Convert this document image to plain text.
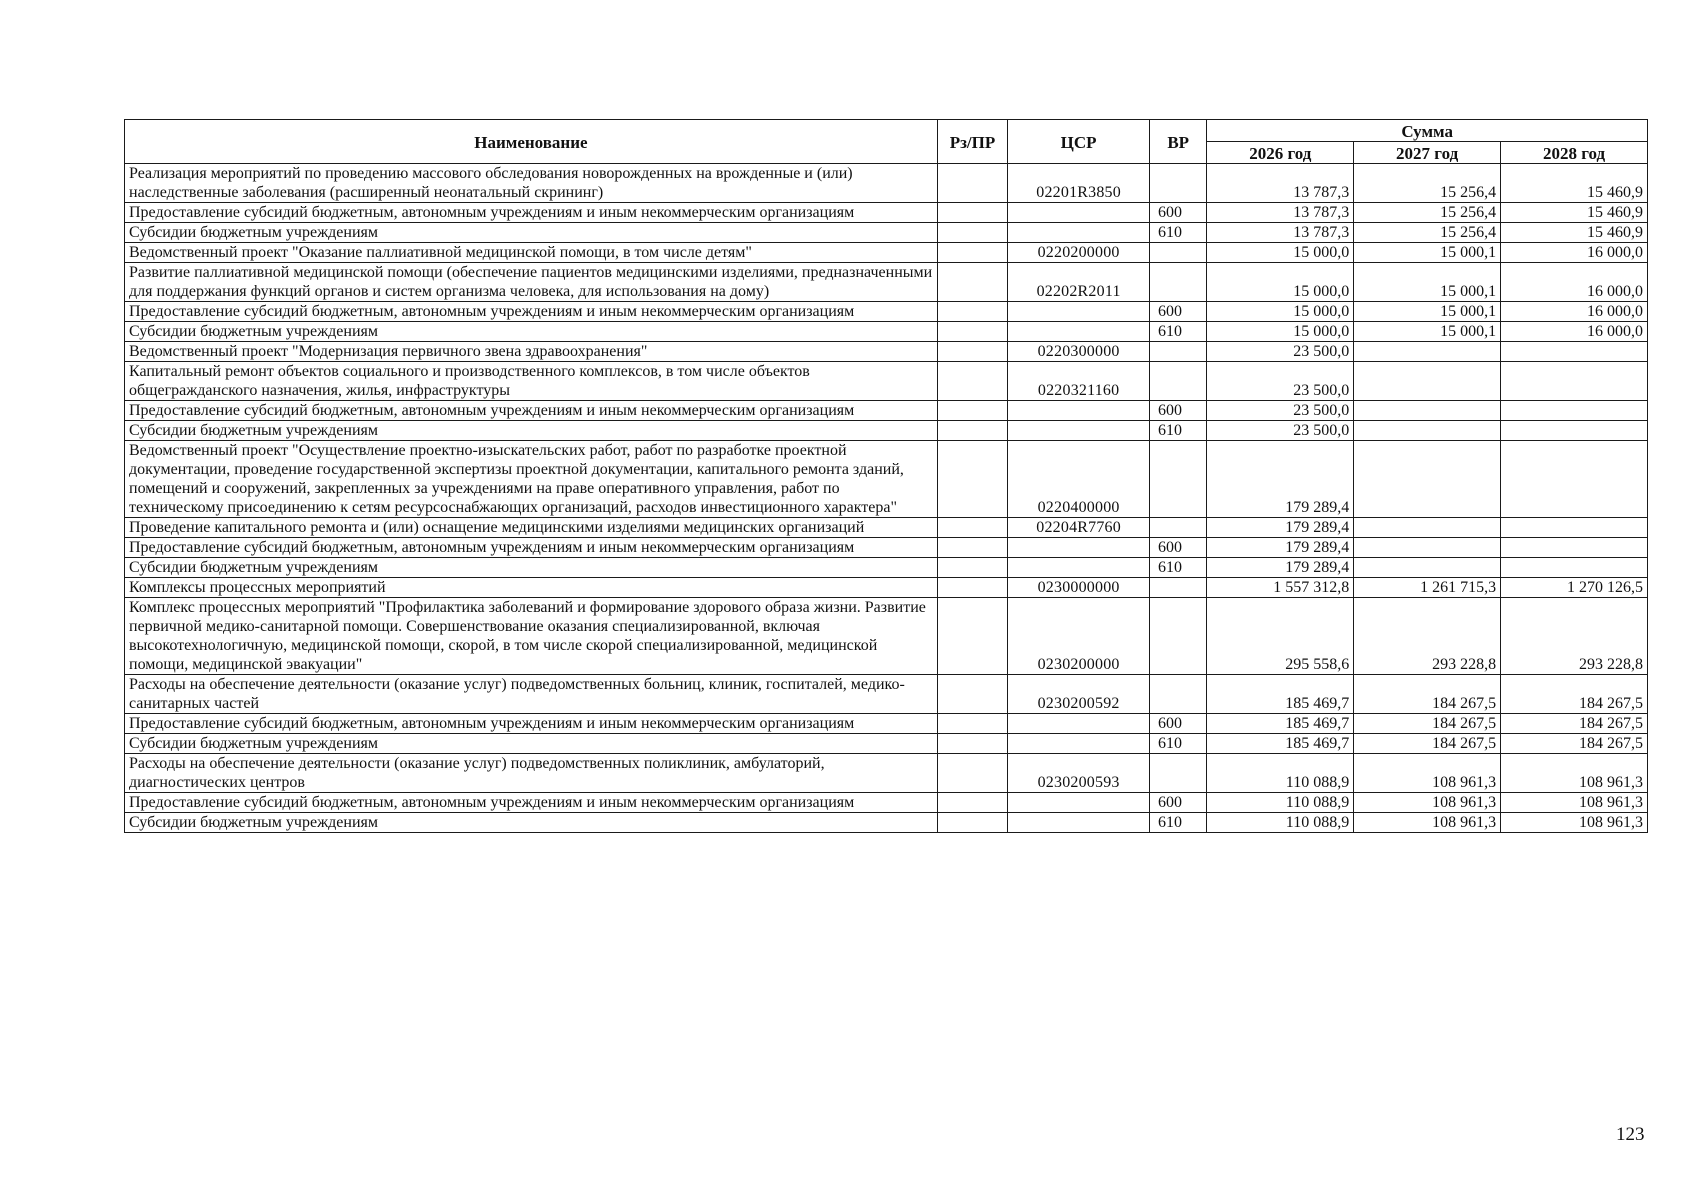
Наименование	Рз/ПР	ЦСР	ВР	Сумма		
				2026 год	2027 год	2028 год
Реализация мероприятий по проведению массового обследования новорожденных на врожденные и (или) наследственные заболевания (расширенный неонатальный скрининг)		02201R3850		13 787,3	15 256,4	15 460,9
Предоставление субсидий бюджетным, автономным учреждениям и иным некоммерческим организациям			600	13 787,3	15 256,4	15 460,9
Субсидии бюджетным учреждениям			610	13 787,3	15 256,4	15 460,9
Ведомственный проект "Оказание паллиативной медицинской помощи, в том числе детям"		0220200000		15 000,0	15 000,1	16 000,0
Развитие паллиативной медицинской помощи (обеспечение пациентов медицинскими изделиями, предназначенными для поддержания функций органов и систем организма человека, для использования на дому)		02202R2011		15 000,0	15 000,1	16 000,0
Предоставление субсидий бюджетным, автономным учреждениям и иным некоммерческим организациям			600	15 000,0	15 000,1	16 000,0
Субсидии бюджетным учреждениям			610	15 000,0	15 000,1	16 000,0
Ведомственный проект "Модернизация первичного звена здравоохранения"		0220300000		23 500,0		
Капитальный ремонт объектов социального и производственного комплексов, в том числе объектов общегражданского назначения, жилья, инфраструктуры		0220321160		23 500,0		
Предоставление субсидий бюджетным, автономным учреждениям и иным некоммерческим организациям			600	23 500,0		
Субсидии бюджетным учреждениям			610	23 500,0		
Ведомственный проект "Осуществление проектно-изыскательских работ, работ по разработке проектной документации, проведение государственной экспертизы проектной документации, капитального ремонта зданий, помещений и сооружений, закрепленных за учреждениями на праве оперативного управления, работ по техническому присоединению к сетям ресурсоснабжающих организаций, расходов инвестиционного характера"		0220400000		179 289,4		
Проведение капитального ремонта и (или) оснащение медицинскими изделиями медицинских организаций		02204R7760		179 289,4		
Предоставление субсидий бюджетным, автономным учреждениям и иным некоммерческим организациям			600	179 289,4		
Субсидии бюджетным учреждениям			610	179 289,4		
Комплексы процессных мероприятий		0230000000		1 557 312,8	1 261 715,3	1 270 126,5
Комплекс процессных мероприятий "Профилактика заболеваний и формирование здорового образа жизни. Развитие первичной медико-санитарной помощи. Совершенствование оказания специализированной, включая высокотехнологичную, медицинской помощи, скорой, в том числе скорой специализированной, медицинской помощи, медицинской эвакуации"		0230200000		295 558,6	293 228,8	293 228,8
Расходы на обеспечение деятельности (оказание услуг) подведомственных больниц, клиник, госпиталей, медико-санитарных частей		0230200592		185 469,7	184 267,5	184 267,5
Предоставление субсидий бюджетным, автономным учреждениям и иным некоммерческим организациям			600	185 469,7	184 267,5	184 267,5
Субсидии бюджетным учреждениям			610	185 469,7	184 267,5	184 267,5
Расходы на обеспечение деятельности (оказание услуг) подведомственных поликлиник, амбулаторий, диагностических центров		0230200593		110 088,9	108 961,3	108 961,3
Предоставление субсидий бюджетным, автономным учреждениям и иным некоммерческим организациям			600	110 088,9	108 961,3	108 961,3
Субсидии бюджетным учреждениям			610	110 088,9	108 961,3	108 961,3
123
